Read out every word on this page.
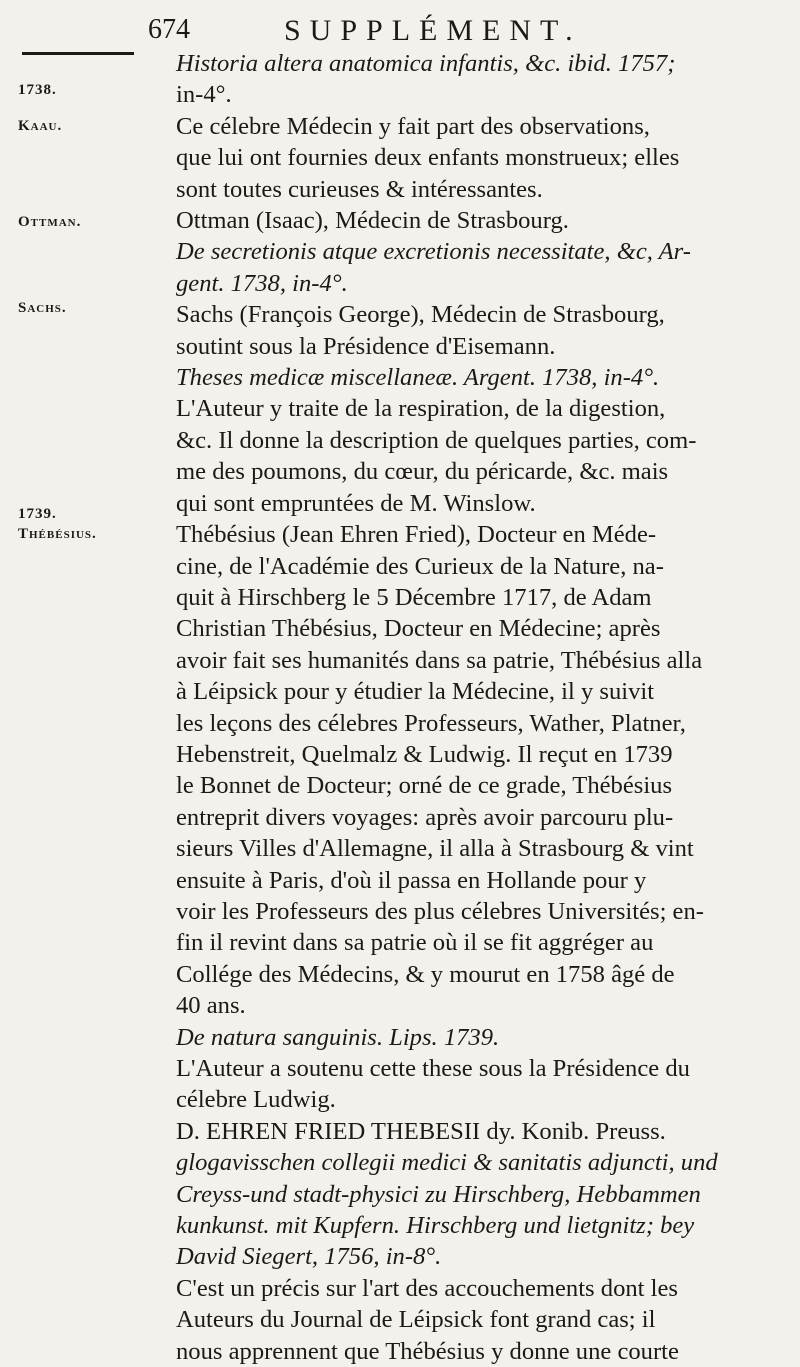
674	SUPPLÉMENT.
1738.
Kaau.
Ottman.
Sachs.
1739.
Thébésius.

Historia altera anatomica infantis, &c. ibid. 1757;
in-4°.

Ce célebre Médecin y fait part des observations,
que lui ont fournies deux enfants monstrueux; elles
sont toutes curieuses & intéressantes.

Ottman (Isaac), Médecin de Strasbourg.

De secretionis atque excretionis necessitate, &c, Ar-
gent. 1738, in-4°.

Sachs (François George), Médecin de Strasbourg,
soutint sous la Présidence d'Eisemann.

Theses medicæ miscellaneæ. Argent. 1738, in-4°.

L'Auteur y traite de la respiration, de la digestion,
&c. Il donne la description de quelques parties, com-
me des poumons, du cœur, du péricarde, &c. mais
qui sont empruntées de M. Winslow.

Thébésius (Jean Ehren Fried), Docteur en Méde-
cine, de l'Académie des Curieux de la Nature, na-
quit à Hirschberg le 5 Décembre 1717, de Adam
Christian Thébésius, Docteur en Médecine; après
avoir fait ses humanités dans sa patrie, Thébésius alla
à Léipsick pour y étudier la Médecine, il y suivit
les leçons des célebres Professeurs, Wather, Platner,
Hebenstreit, Quelmalz & Ludwig. Il reçut en 1739
le Bonnet de Docteur; orné de ce grade, Thébésius
entreprit divers voyages: après avoir parcouru plu-
sieurs Villes d'Allemagne, il alla à Strasbourg & vint
ensuite à Paris, d'où il passa en Hollande pour y
voir les Professeurs des plus célebres Universités; en-
fin il revint dans sa patrie où il se fit aggréger au
Collége des Médecins, & y mourut en 1758 âgé de
40 ans.

De natura sanguinis. Lips. 1739.

L'Auteur a soutenu cette these sous la Présidence du
célebre Ludwig.

D. EHREN FRIED THEBESII dy. Konib. Preuss.
glogavisschen collegii medici & sanitatis adjuncti, und
Creyss-und stadt-physici zu Hirschberg, Hebbammen
kunkunst. mit Kupfern. Hirschberg und lietgnitz; bey
David Siegert, 1756, in-8°.

C'est un précis sur l'art des accouchements dont les
Auteurs du Journal de Léipsick font grand cas; il
nous apprennent que Thébésius y donne une courte
